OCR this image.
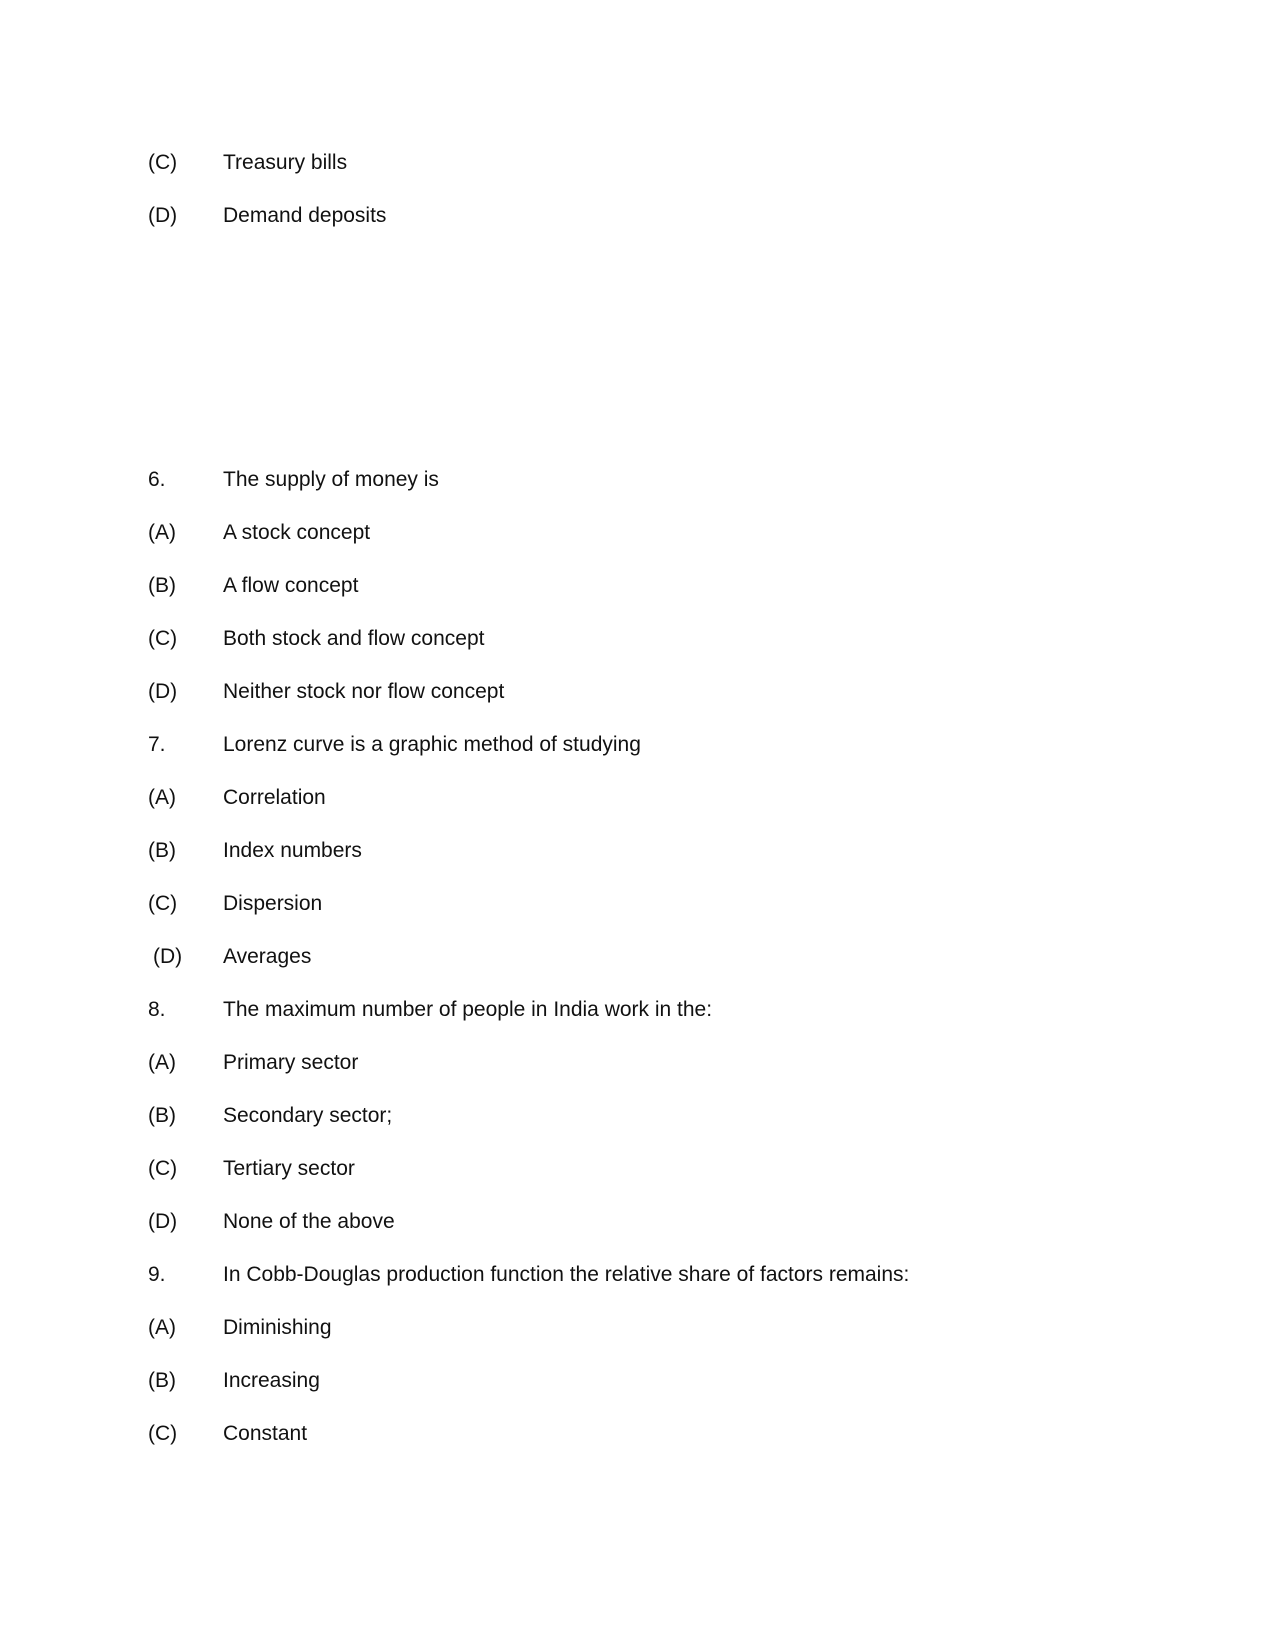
(C) Treasury bills
(D) Demand deposits
6.	The supply of money is
(A) A stock concept
(B) A flow concept
(C) Both stock and flow concept
(D) Neither stock nor flow concept
7.	Lorenz curve is a graphic method of studying
(A) Correlation
(B) Index numbers
(C) Dispersion
(D) Averages
8.	The maximum number of people in India work in the:
(A) Primary sector
(B) Secondary sector;
(C) Tertiary sector
(D) None of the above
9.	In Cobb-Douglas production function the relative share of factors remains:
(A) Diminishing
(B) Increasing
(C) Constant
